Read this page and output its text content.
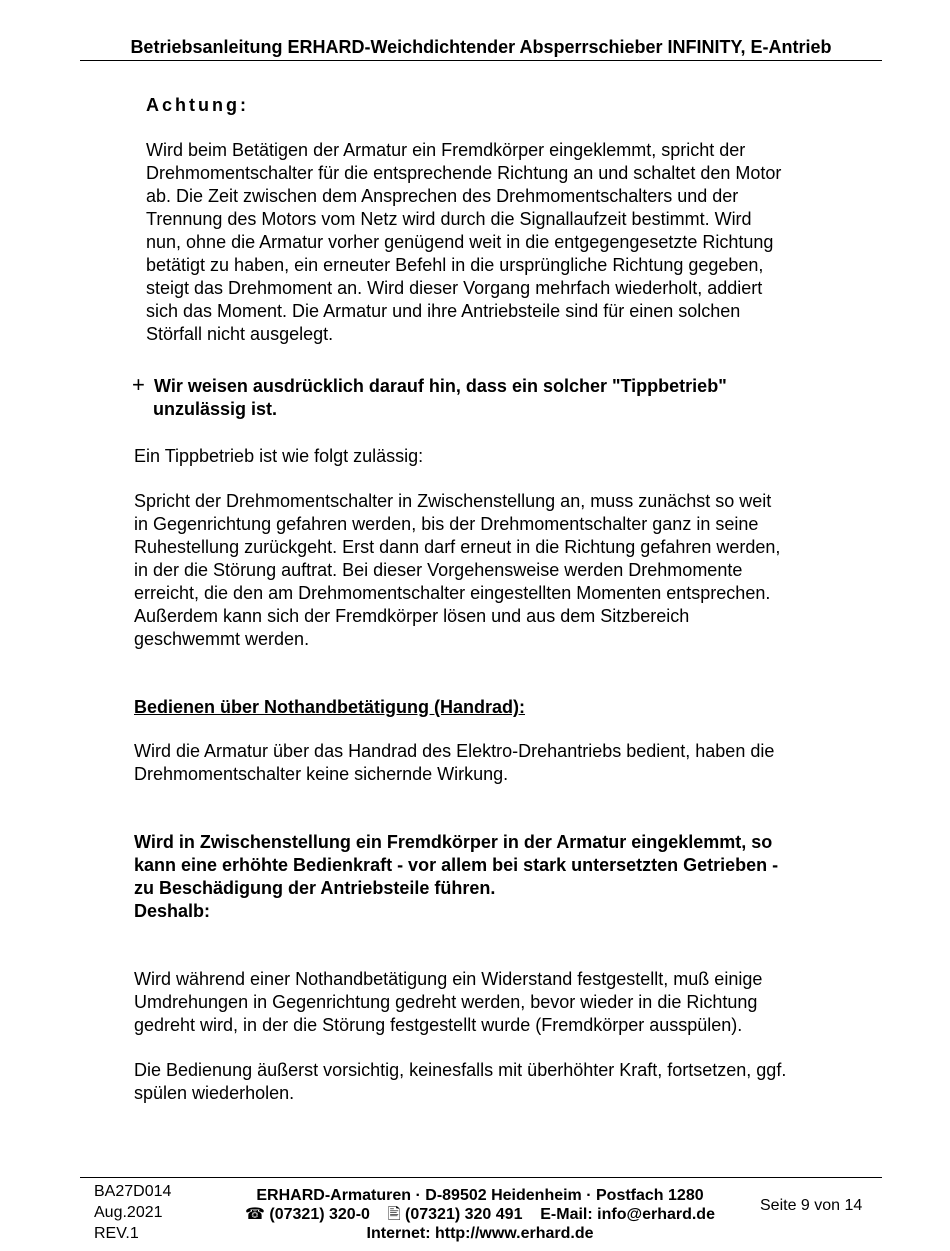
Betriebsanleitung ERHARD-Weichdichtender Absperrschieber INFINITY, E-Antrieb
Achtung:
Wird beim Betätigen der Armatur ein Fremdkörper eingeklemmt, spricht der
Drehmomentschalter für die entsprechende Richtung an und schaltet den Motor
ab. Die Zeit zwischen dem Ansprechen des Drehmomentschalters und der
Trennung des Motors vom Netz wird durch die Signallaufzeit bestimmt. Wird
nun, ohne die Armatur vorher genügend weit in die entgegengesetzte Richtung
betätigt zu haben, ein erneuter Befehl in die ursprüngliche Richtung gegeben,
steigt das Drehmoment an. Wird dieser Vorgang mehrfach wiederholt, addiert
sich das Moment. Die Armatur und ihre Antriebsteile sind für einen solchen
Störfall nicht ausgelegt.
+ Wir weisen ausdrücklich darauf hin, dass ein solcher "Tippbetrieb"
unzulässig ist.
Ein Tippbetrieb ist wie folgt zulässig:
Spricht der Drehmomentschalter in Zwischenstellung an, muss zunächst so weit
in Gegenrichtung gefahren werden, bis der Drehmomentschalter ganz in seine
Ruhestellung zurückgeht. Erst dann darf erneut in die Richtung gefahren werden,
in der die Störung auftrat. Bei dieser Vorgehensweise werden Drehmomente
erreicht, die den am Drehmomentschalter eingestellten Momenten entsprechen.
Außerdem kann sich der Fremdkörper lösen und aus dem Sitzbereich
geschwemmt werden.
Bedienen über Nothandbetätigung (Handrad):
Wird die Armatur über das Handrad des Elektro-Drehantriebs bedient, haben die
Drehmomentschalter keine sichernde Wirkung.
Wird in Zwischenstellung ein Fremdkörper in der Armatur eingeklemmt, so
kann eine erhöhte Bedienkraft - vor allem bei stark untersetzten Getrieben -
zu Beschädigung der Antriebsteile führen.
Deshalb:
Wird während einer Nothandbetätigung ein Widerstand festgestellt, muß einige
Umdrehungen in Gegenrichtung gedreht werden, bevor wieder in die Richtung
gedreht wird, in der die Störung festgestellt wurde (Fremdkörper ausspülen).
Die Bedienung äußerst vorsichtig, keinesfalls mit überhöhter Kraft, fortsetzen, ggf.
spülen wiederholen.
BA27D014
Aug.2021
REV.1
ERHARD-Armaturen · D-89502 Heidenheim · Postfach 1280
☎ (07321) 320-0 🖹 (07321) 320 491 E-Mail: info@erhard.de
Internet: http://www.erhard.de
Seite 9 von 14
